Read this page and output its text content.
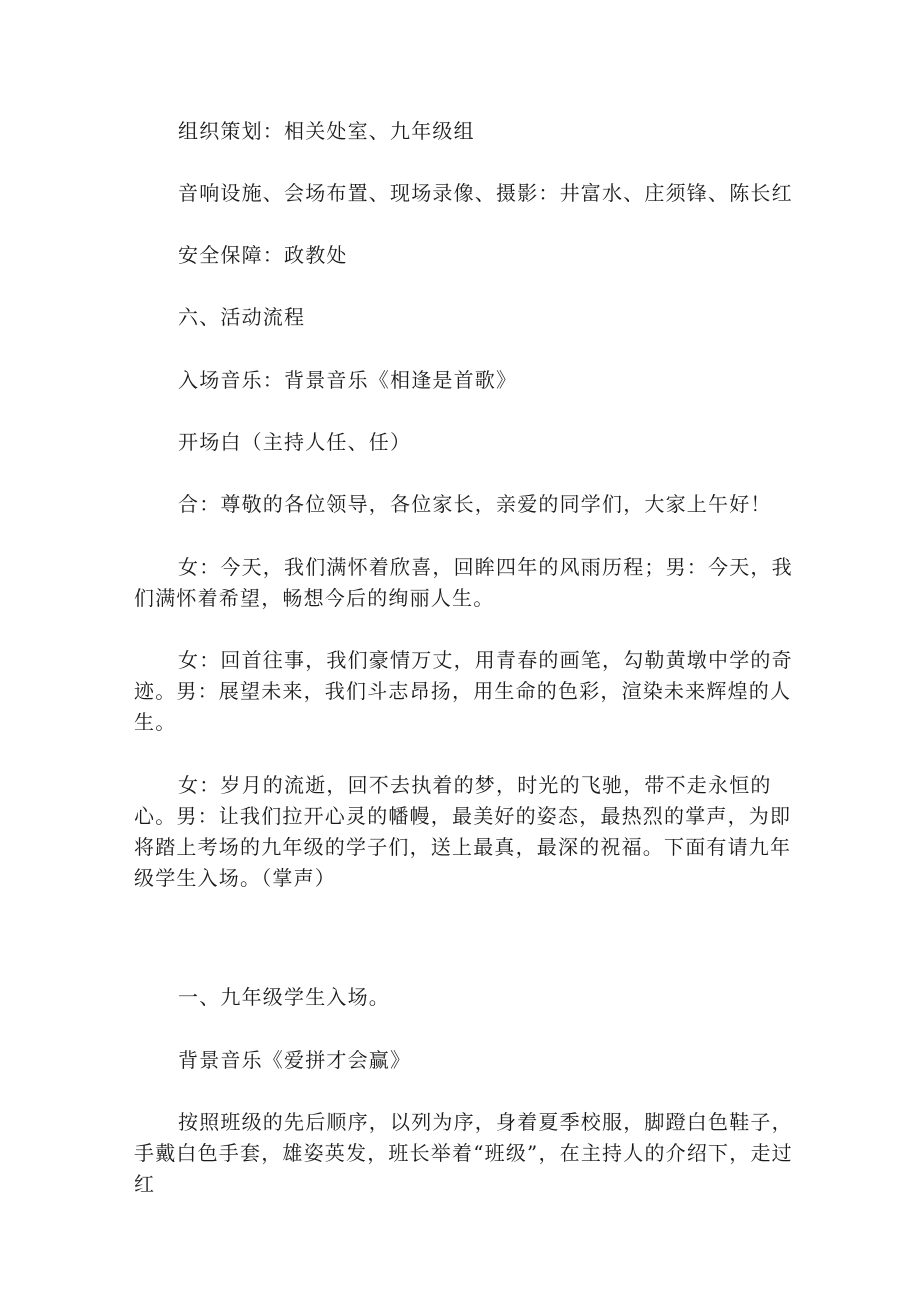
组织策划：相关处室、九年级组

音响设施、会场布置、现场录像、摄影：井富水、庄须锋、陈长红

安全保障：政教处

六、活动流程

入场音乐：背景音乐《相逢是首歌》

开场白（主持人任、任）

合：尊敬的各位领导，各位家长，亲爱的同学们，大家上午好！

女：今天，我们满怀着欣喜，回眸四年的风雨历程；男：今天，我们满怀着希望，畅想今后的绚丽人生。

女：回首往事，我们豪情万丈，用青春的画笔，勾勒黄墩中学的奇迹。男：展望未来，我们斗志昂扬，用生命的色彩，渲染未来辉煌的人生。

女：岁月的流逝，回不去执着的梦，时光的飞驰，带不走永恒的心。男：让我们拉开心灵的幡幔，最美好的姿态，最热烈的掌声，为即将踏上考场的九年级的学子们，送上最真，最深的祝福。下面有请九年级学生入场。（掌声）

一、九年级学生入场。

背景音乐《爱拼才会赢》

按照班级的先后顺序，以列为序，身着夏季校服，脚蹬白色鞋子，手戴白色手套，雄姿英发，班长举着“班级”，在主持人的介绍下，走过红
